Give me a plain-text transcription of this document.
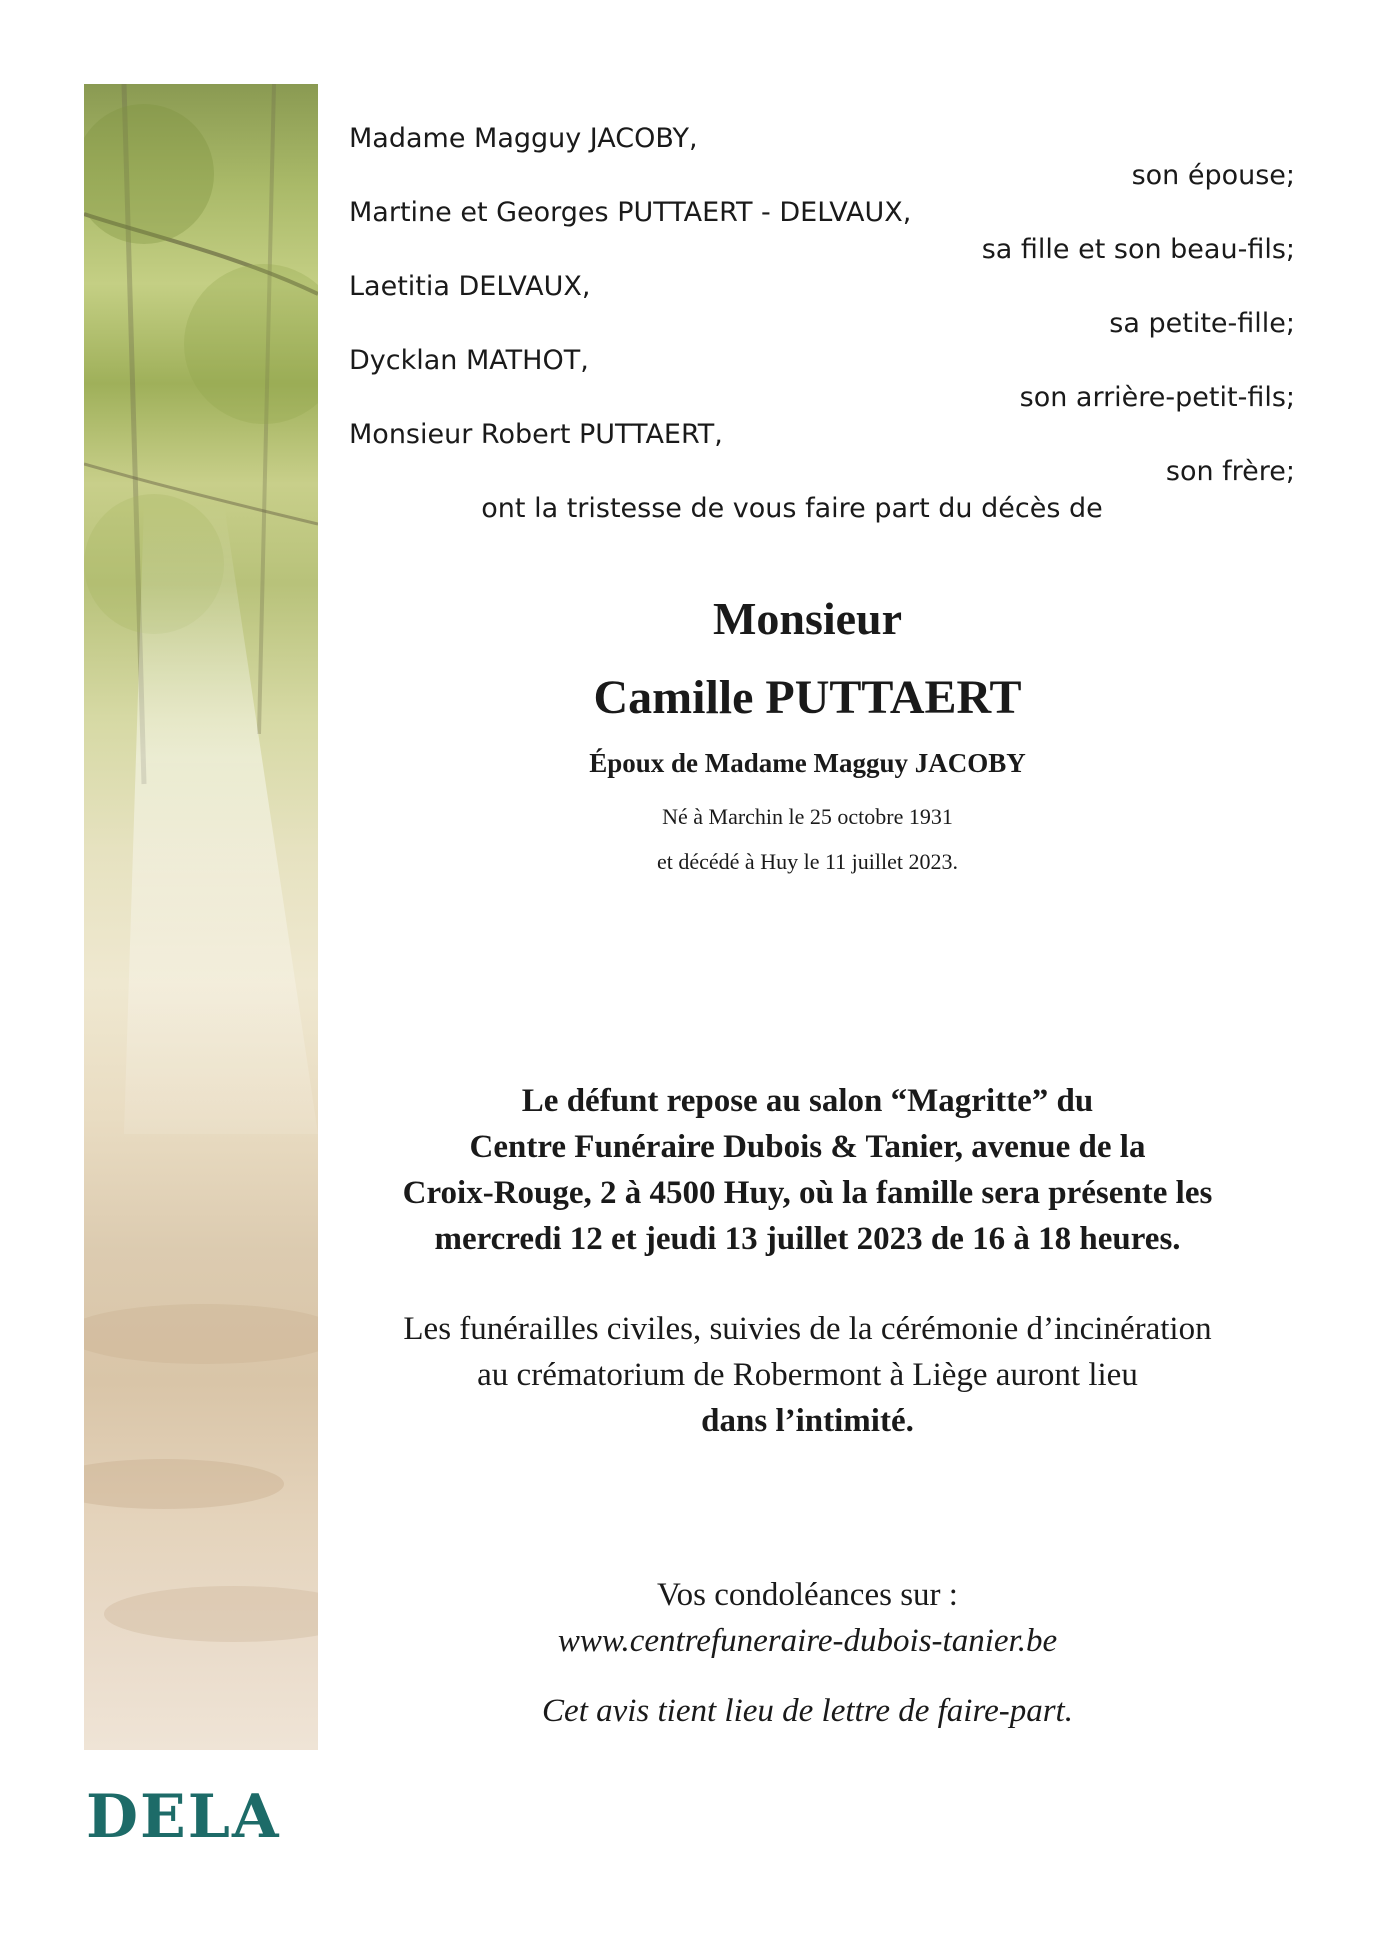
Madame Magguy JACOBY,
son épouse;
Martine et Georges PUTTAERT - DELVAUX,
sa fille et son beau-fils;
Laetitia DELVAUX,
sa petite-fille;
Dycklan MATHOT,
son arrière-petit-fils;
Monsieur Robert PUTTAERT,
son frère;
ont la tristesse de vous faire part du décès de
Monsieur
Camille PUTTAERT
Époux de Madame Magguy JACOBY
Né à Marchin le 25 octobre 1931
et décédé à Huy le 11 juillet 2023.
Le défunt repose au salon “Magritte” du
Centre Funéraire Dubois & Tanier, avenue de la
Croix-Rouge, 2 à 4500 Huy, où la famille sera présente les
mercredi 12 et jeudi 13 juillet 2023 de 16 à 18 heures.
Les funérailles civiles, suivies de la cérémonie d’incinération
au crématorium de Robermont à Liège auront lieu
dans l’intimité.
Vos condoléances sur :
www.centrefuneraire-dubois-tanier.be
Cet avis tient lieu de lettre de faire-part.
DELA
